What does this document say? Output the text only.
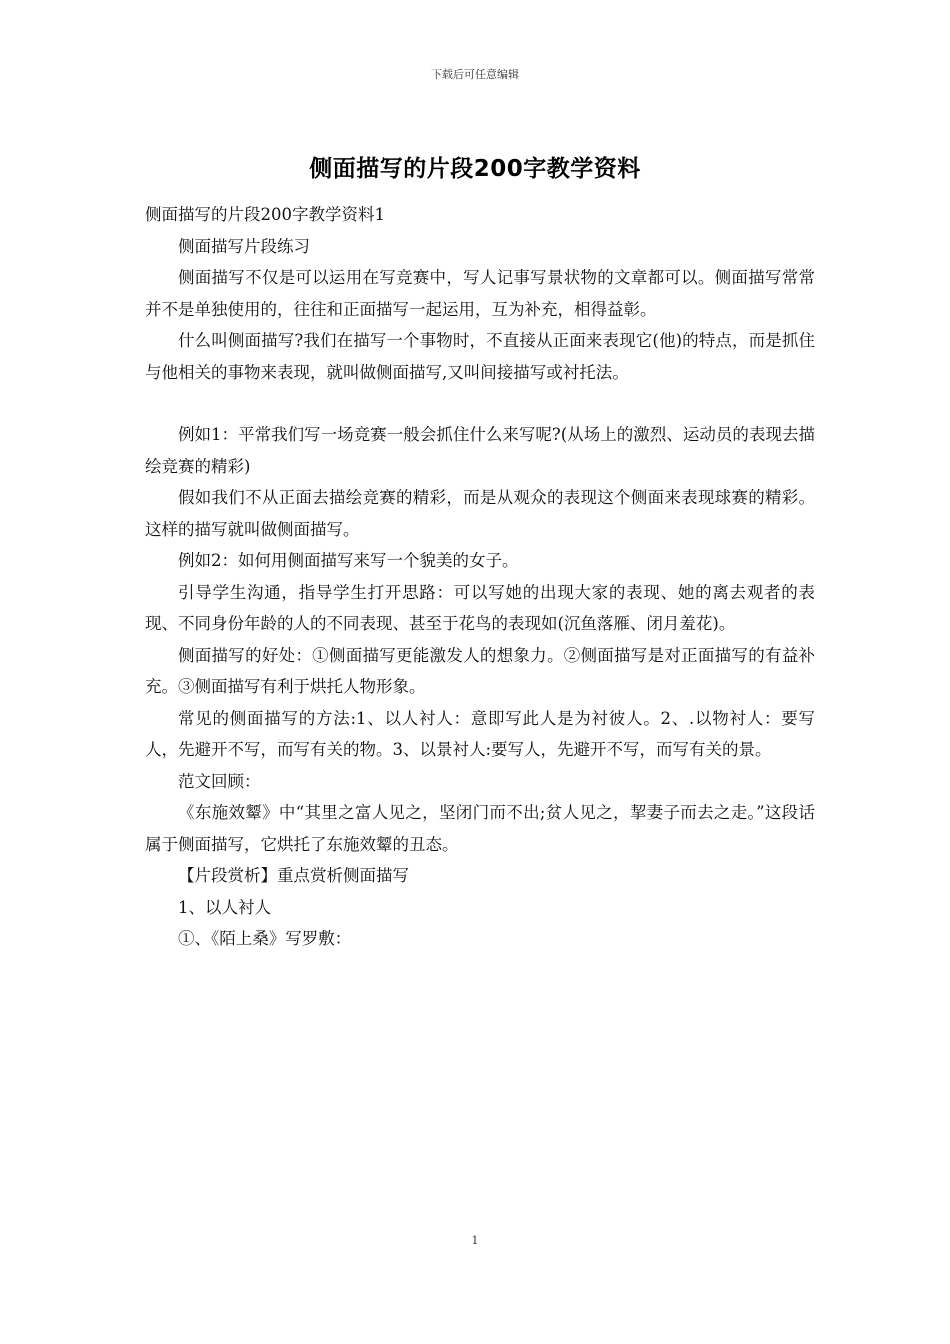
下载后可任意编辑
侧面描写的片段200字教学资料

侧面描写的片段200字教学资料1

侧面描写片段练习

侧面描写不仅是可以运用在写竞赛中，写人记事写景状物的文章都可以。侧面描写常常并不是单独使用的，往往和正面描写一起运用，互为补充，相得益彰。

什么叫侧面描写?我们在描写一个事物时，不直接从正面来表现它(他)的特点，而是抓住与他相关的事物来表现，就叫做侧面描写,又叫间接描写或衬托法。

例如1：平常我们写一场竞赛一般会抓住什么来写呢?(从场上的激烈、运动员的表现去描绘竞赛的精彩)

假如我们不从正面去描绘竞赛的精彩，而是从观众的表现这个侧面来表现球赛的精彩。这样的描写就叫做侧面描写。

例如2：如何用侧面描写来写一个貌美的女子。

引导学生沟通，指导学生打开思路：可以写她的出现大家的表现、她的离去观者的表现、不同身份年龄的人的不同表现、甚至于花鸟的表现如(沉鱼落雁、闭月羞花)。

侧面描写的好处：①侧面描写更能激发人的想象力。②侧面描写是对正面描写的有益补充。③侧面描写有利于烘托人物形象。

常见的侧面描写的方法:1、以人衬人：意即写此人是为衬彼人。2、.以物衬人：要写人，先避开不写，而写有关的物。3、以景衬人:要写人，先避开不写，而写有关的景。

范文回顾：

《东施效颦》中“其里之富人见之，坚闭门而不出;贫人见之，挈妻子而去之走。”这段话属于侧面描写，它烘托了东施效颦的丑态。

【片段赏析】重点赏析侧面描写

1、以人衬人

①、《陌上桑》写罗敷：

1
